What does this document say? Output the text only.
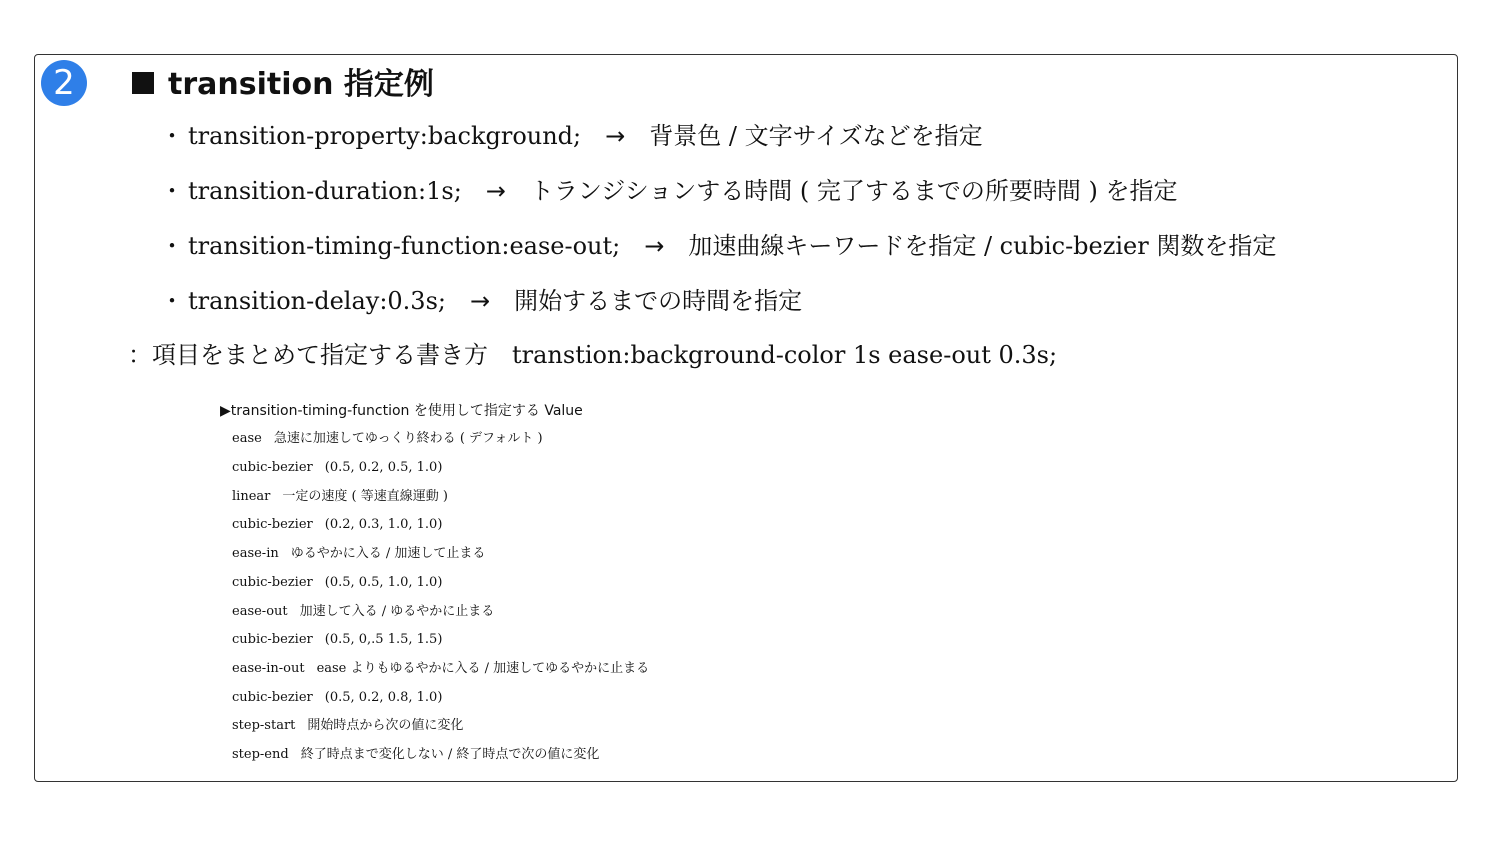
2	transition 指定例
・ transition-property:background; → 背景色 / 文字サイズなどを指定
・ transition-duration:1s; → トランジションする時間 ( 完了するまでの所要時間 ) を指定
・ transition-timing-function:ease-out; → 加速曲線キーワードを指定 / cubic-bezier 関数を指定
・ transition-delay:0.3s; → 開始するまでの時間を指定
：項目をまとめて指定する書き方 transtion:background-color 1s ease-out 0.3s;
▶transition-timing-function を使用して指定する Value
ease 急速に加速してゆっくり終わる ( デフォルト )
cubic-bezier (0.5, 0.2, 0.5, 1.0)
linear 一定の速度 ( 等速直線運動 )
cubic-bezier (0.2, 0.3, 1.0, 1.0)
ease-in ゆるやかに入る / 加速して止まる
cubic-bezier (0.5, 0.5, 1.0, 1.0)
ease-out 加速して入る / ゆるやかに止まる
cubic-bezier (0.5, 0,.5 1.5, 1.5)
ease-in-out ease よりもゆるやかに入る / 加速してゆるやかに止まる
cubic-bezier (0.5, 0.2, 0.8, 1.0)
step-start 開始時点から次の値に変化
step-end 終了時点まで変化しない / 終了時点で次の値に変化
